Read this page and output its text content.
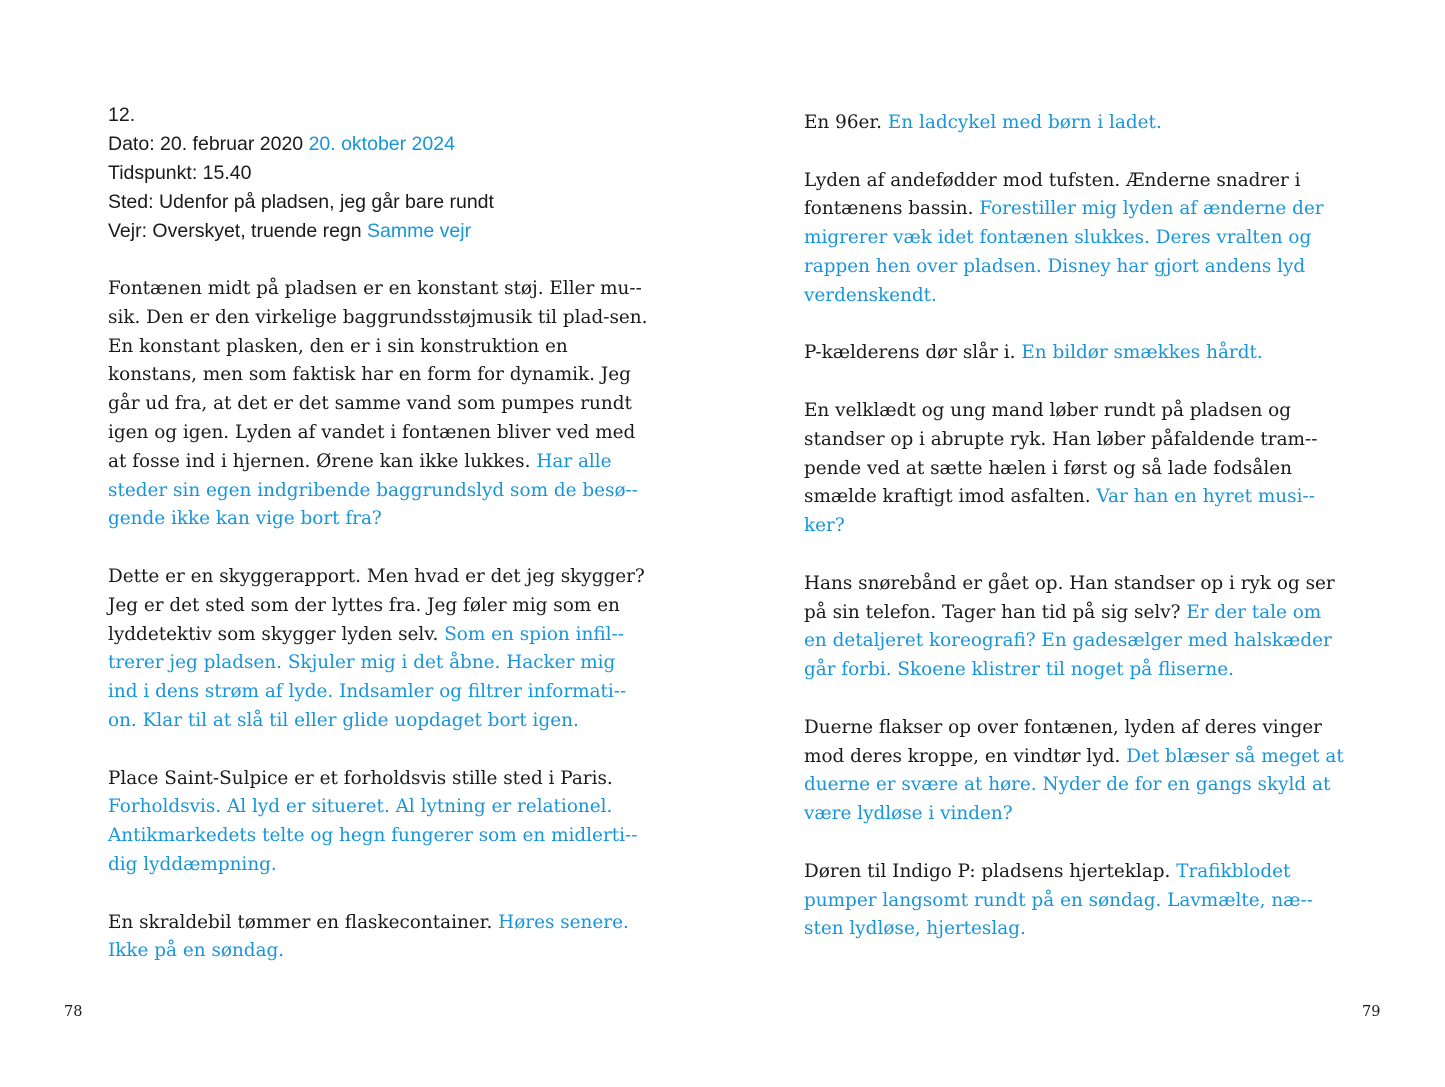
12.
Dato: 20. februar 2020 20. oktober 2024
Tidspunkt: 15.40
Sted: Udenfor på pladsen, jeg går bare rundt
Vejr: Overskyet, truende regn Samme vejr

Fontænen midt på pladsen er en konstant støj. Eller mu-sik. Den er den virkelige baggrundsstøjmusik til plad-sen. En konstant plasken, den er i sin konstruktion en konstans, men som faktisk har en form for dynamik. Jeg går ud fra, at det er det samme vand som pumpes rundt igen og igen. Lyden af vandet i fontænen bliver ved med at fosse ind i hjernen. Ørene kan ikke lukkes. Har alle steder sin egen indgribende baggrundslyd som de besø-gende ikke kan vige bort fra?

Dette er en skyggerapport. Men hvad er det jeg skygger? Jeg er det sted som der lyttes fra. Jeg føler mig som en lyddetektiv som skygger lyden selv. Som en spion infil-trerer jeg pladsen. Skjuler mig i det åbne. Hacker mig ind i dens strøm af lyde. Indsamler og filtrer informati-on. Klar til at slå til eller glide uopdaget bort igen.

Place Saint-Sulpice er et forholdsvis stille sted i Paris. Forholdsvis. Al lyd er situeret. Al lytning er relationel. Antikmarkedets telte og hegn fungerer som en midlerti-dig lyddæmpning.

En skraldebil tømmer en flaskecontainer. Høres senere. Ikke på en søndag.

78

En 96er. En ladcykel med børn i ladet.

Lyden af andefødder mod tufsten. Ænderne snadrer i fontænens bassin. Forestiller mig lyden af ænderne der migrerer væk idet fontænen slukkes. Deres vralten og rappen hen over pladsen. Disney har gjort andens lyd verdenskendt.

P-kælderens dør slår i. En bildør smækkes hårdt.

En velklædt og ung mand løber rundt på pladsen og standser op i abrupte ryk. Han løber påfaldende tram-pende ved at sætte hælen i først og så lade fodsålen smælde kraftigt imod asfalten. Var han en hyret musi-ker?

Hans snørebånd er gået op. Han standser op i ryk og ser på sin telefon. Tager han tid på sig selv? Er der tale om en detaljeret koreografi? En gadesælger med halskæder går forbi. Skoene klistrer til noget på fliserne.

Duerne flakser op over fontænen, lyden af deres vinger mod deres kroppe, en vindtør lyd. Det blæser så meget at duerne er svære at høre. Nyder de for en gangs skyld at være lydløse i vinden?

Døren til Indigo P: pladsens hjerteklap. Trafikblodet pumper langsomt rundt på en søndag. Lavmælte, næ-sten lydløse, hjerteslag.

79
